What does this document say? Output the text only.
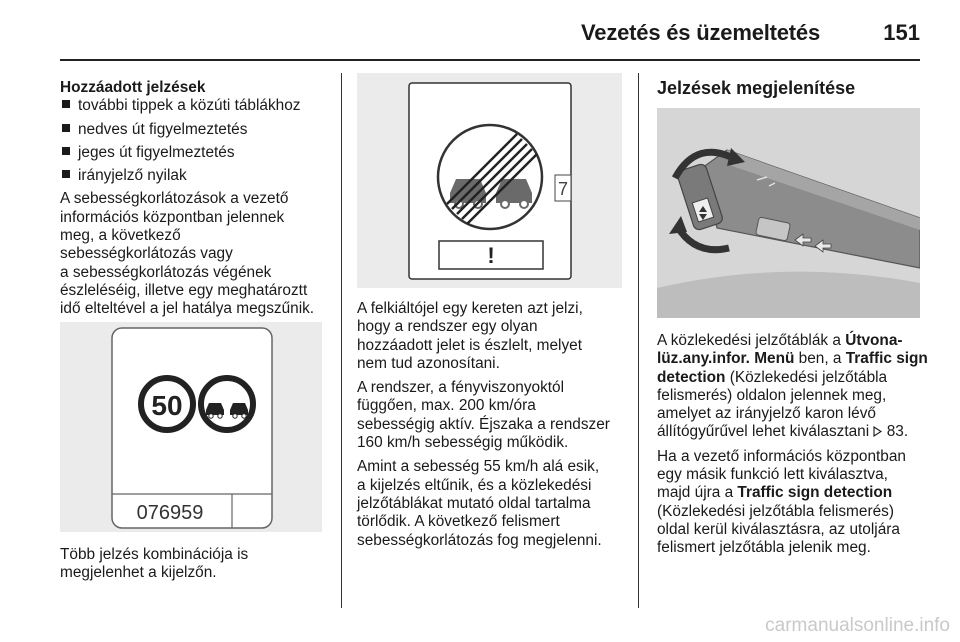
Vezetés és üzemeltetés	151
Hozzáadott jelzések
további tippek a közúti táblákhoz
nedves út figyelmeztetés
jeges út figyelmeztetés
irányjelző nyilak

A sebességkorlátozások a vezető
információs központban jelennek
meg, a következő
sebességkorlátozás vagy
a sebességkorlátozás végének
észleléséig, illetve egy meghatároztt
idő elteltével a jel hatálya megszűnik.

50
076959
Több jelzés kombinációja is
megjelenhet a kijelzőn.
7
!

A felkiáltójel egy kereten azt jelzi,
hogy a rendszer egy olyan
hozzáadott jelet is észlelt, melyet
nem tud azonosítani.

A rendszer, a fényviszonyoktól
függően, max. 200 km/óra
sebességig aktív. Éjszaka a rendszer
160 km/h sebességig működik.

Amint a sebesség 55 km/h alá esik,
a kijelzés eltűnik, és a közlekedési
jelzőtáblákat mutató oldal tartalma
törlődik. A következő felismert
sebességkorlátozás fog megjelenni.

Jelzések megjelenítése

A közlekedési jelzőtáblák a Útvona-
lüz.any.infor. Menü ben, a Traffic sign
detection (Közlekedési jelzőtábla
felismerés) oldalon jelennek meg,
amelyet az irányjelző karon lévő
állítógyűrűvel lehet kiválasztani  83.

Ha a vezető információs központban
egy másik funkció lett kiválasztva,
majd újra a Traffic sign detection
(Közlekedési jelzőtábla felismerés)
oldal kerül kiválasztásra, az utoljára
felismert jelzőtábla jelenik meg.

carmanualsonline.info
